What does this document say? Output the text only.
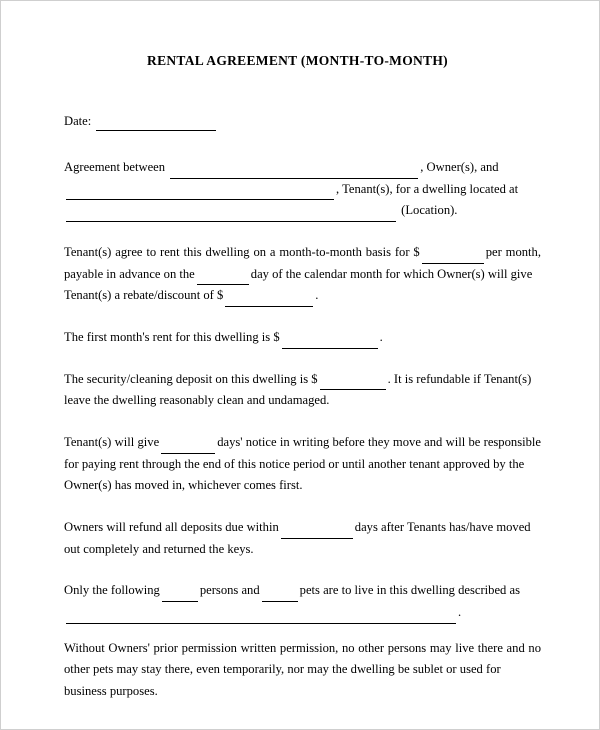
RENTAL AGREEMENT (MONTH-TO-MONTH)
Date:
Agreement between	, Owner(s), and
, Tenant(s), for a dwelling located at
(Location).
Tenant(s) agree to rent this dwelling on a month-to-month basis for $	per month, payable in advance on the	day of the calendar month for which Owner(s) will give
Tenant(s) a rebate/discount of $	.
The first month's rent for this dwelling is $	.
The security/cleaning deposit on this dwelling is $	. It is refundable if Tenant(s)
leave the dwelling reasonably clean and undamaged.
Tenant(s) will give	days' notice in writing before they move and will be responsible for paying rent through the end of this notice period or until another tenant approved by the
Owner(s) has moved in, whichever comes first.
Owners will refund all deposits due within	days after Tenants has/have moved
out completely and returned the keys.
Only the following	persons and	pets are to live in this dwelling described as
.
Without Owners' prior permission written permission, no other persons may live there and no other pets may stay there, even temporarily, nor may the dwelling be sublet or used for
business purposes.
